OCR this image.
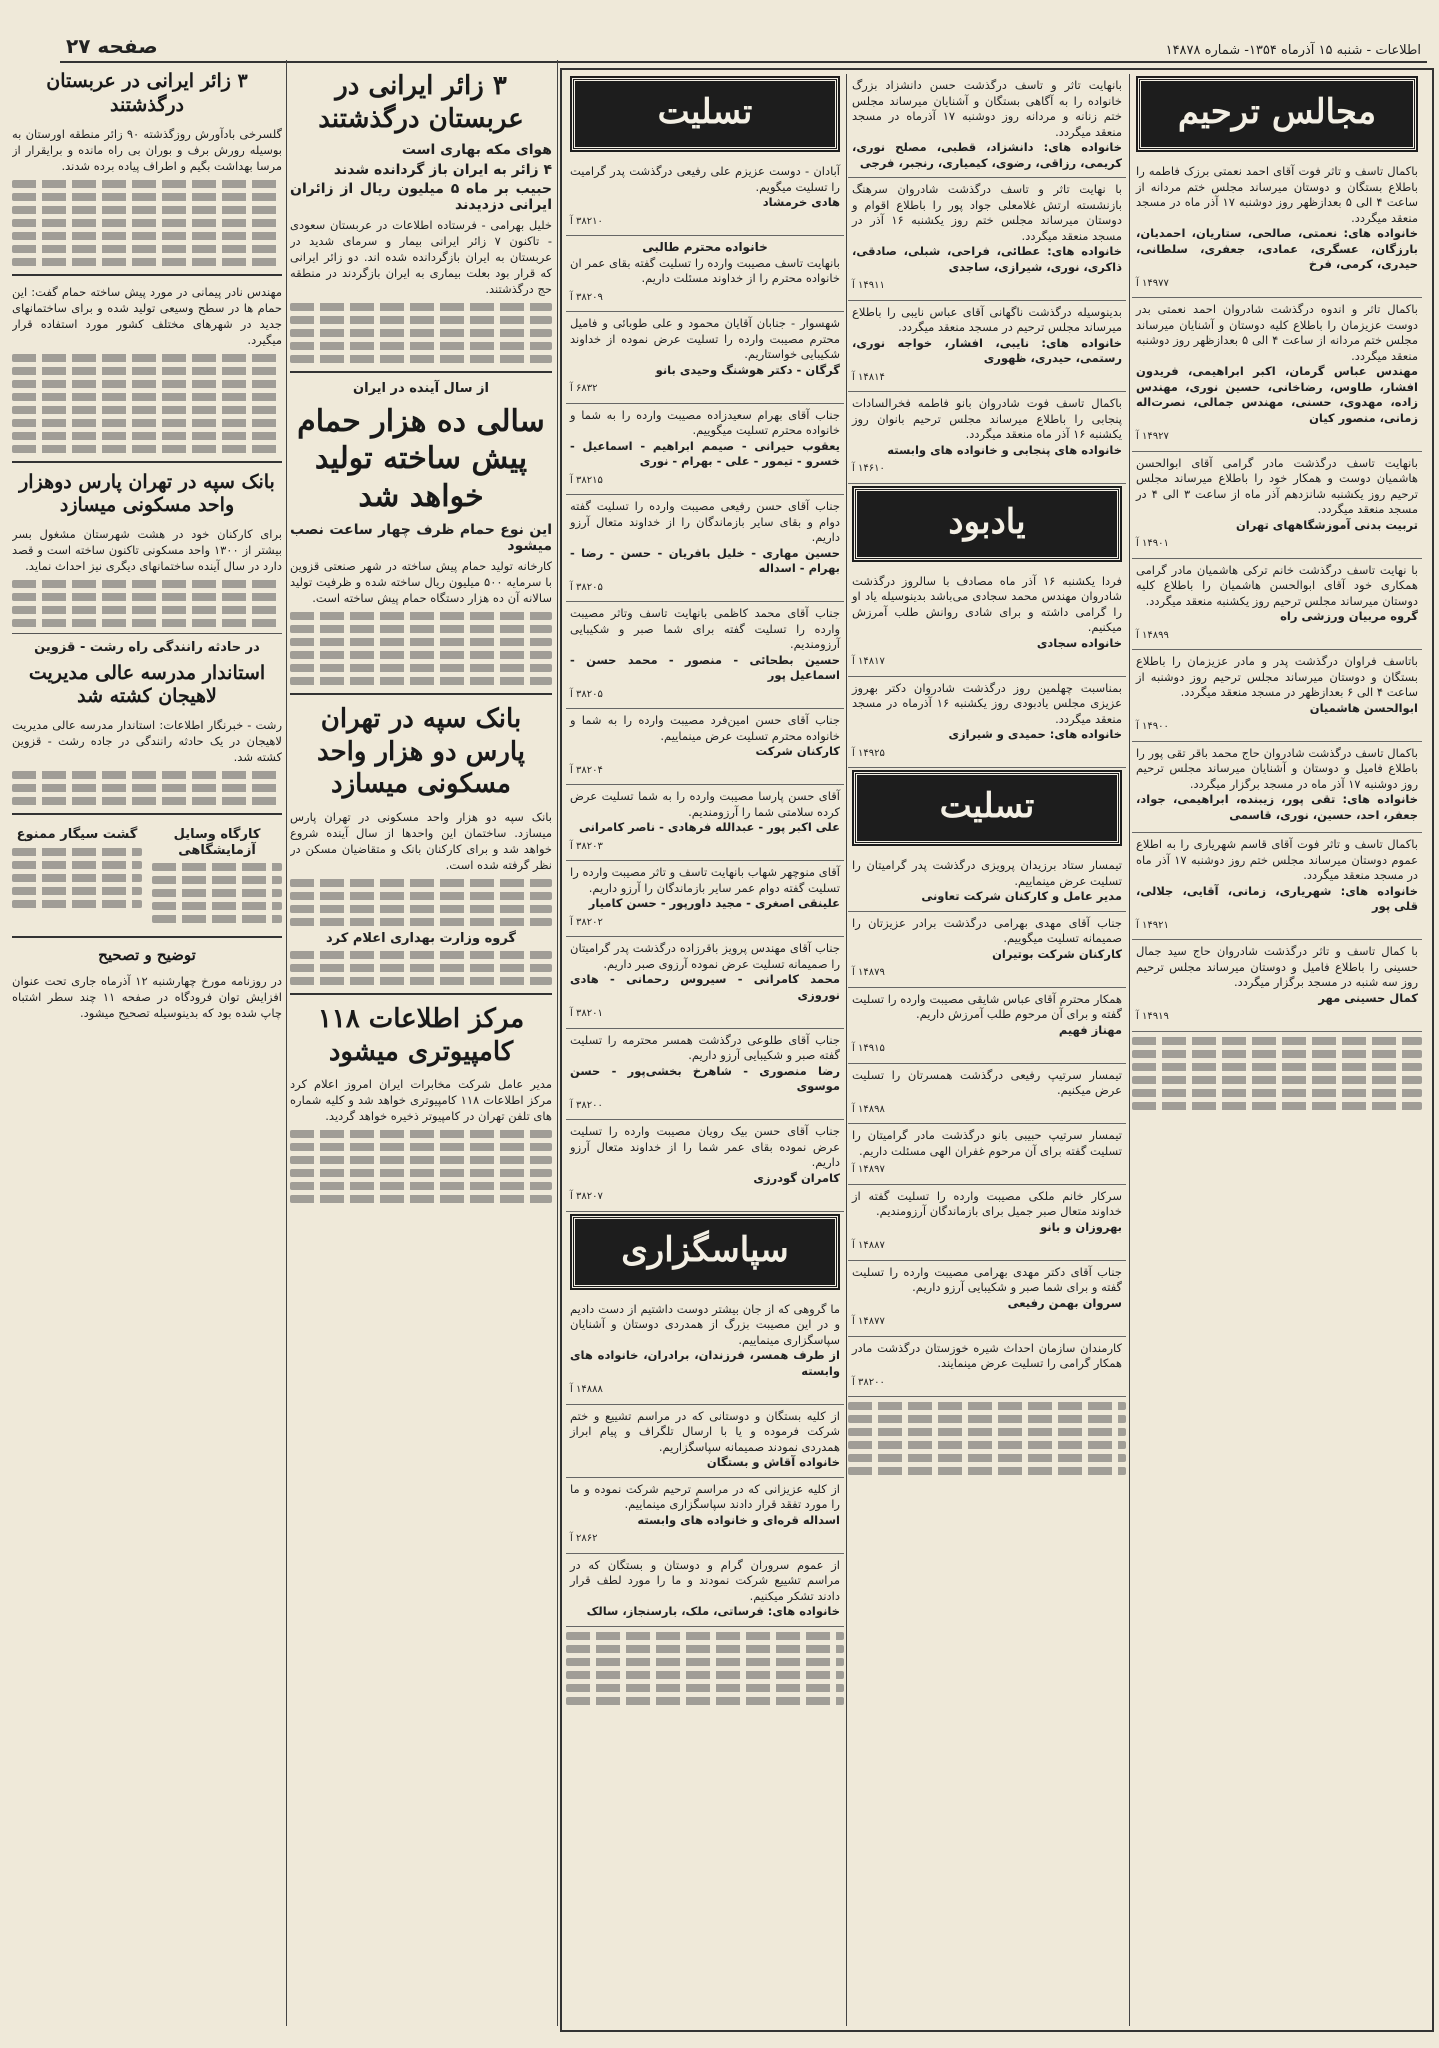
اطلاعات - شنبه ۱۵ آذرماه ۱۳۵۴- شماره ۱۴۸۷۸
صفحه ۲۷
مجالس ترحیم

باکمال تاسف و تاثر فوت آقای احمد نعمتی برزک فاطمه را باطلاع بستگان و دوستان میرساند مجلس ختم مردانه از ساعت ۴ الی ۵ بعدازظهر روز دوشنبه ۱۷ آذر ماه در مسجد منعقد میگردد.

خانواده های: نعمتی، صالحی، ستاریان، احمدیان، بارزگان، عسگری، عمادی، جعفری، سلطانی، حیدری، کرمی، فرخ

۱۴۹۷۷ آ

باکمال تاثر و اندوه درگذشت شادروان احمد نعمتی بدر دوست عزیزمان را باطلاع کلیه دوستان و آشنایان میرساند مجلس ختم مردانه از ساعت ۴ الی ۵ بعدازظهر روز دوشنبه منعقد میگردد.

مهندس عباس گرمان، اکبر ابراهیمی، فریدون افشار، طاوس، رضاخانی، حسین نوری، مهندس زاده، مهدوی، حسنی، مهندس جمالی، نصرت‌اله زمانی، منصور کیان

۱۴۹۲۷ آ

بانهایت تاسف درگذشت مادر گرامی آقای ابوالحسن هاشمیان دوست و همکار خود را باطلاع میرساند مجلس ترحیم روز یکشنبه شانزدهم آذر ماه از ساعت ۳ الی ۴ در مسجد منعقد میگردد.

تربیت بدنی آموزشگاههای تهران

۱۴۹۰۱ آ

با نهایت تاسف درگذشت خانم ترکی هاشمیان مادر گرامی همکاری خود آقای ابوالحسن هاشمیان را باطلاع کلیه دوستان میرساند مجلس ترحیم روز یکشنبه منعقد میگردد.

گروه مربیان ورزشی راه

۱۴۸۹۹ آ

باتاسف فراوان درگذشت پدر و مادر عزیزمان را باطلاع بستگان و دوستان میرساند مجلس ترحیم روز دوشنبه از ساعت ۴ الی ۶ بعدازظهر در مسجد منعقد میگردد.

ابوالحسن هاشمیان

۱۴۹۰۰ آ

باکمال تاسف درگذشت شادروان حاج محمد باقر تقی پور را باطلاع فامیل و دوستان و آشنایان میرساند مجلس ترحیم روز دوشنبه ۱۷ آذر ماه در مسجد برگزار میگردد.

خانواده های: تقی پور، زیبنده، ابراهیمی، جواد، جعفر، احد، حسین، نوری، قاسمی

باکمال تاسف و تاثر فوت آقای قاسم شهریاری را به اطلاع عموم دوستان میرساند مجلس ختم روز دوشنبه ۱۷ آذر ماه در مسجد منعقد میگردد.

خانواده های: شهریاری، زمانی، آقایی، جلالی، قلی پور

۱۴۹۲۱ آ

با کمال تاسف و تاثر درگذشت شادروان حاج سید جمال حسینی را باطلاع فامیل و دوستان میرساند مجلس ترحیم روز سه شنبه در مسجد برگزار میگردد.

کمال حسینی مهر

۱۴۹۱۹ آ

بانهایت تاثر و تاسف درگذشت حسن دانشزاد بزرگ خانواده را به آگاهی بستگان و آشنایان میرساند مجلس ختم زنانه و مردانه روز دوشنبه ۱۷ آذرماه در مسجد منعقد میگردد.

خانواده های: دانشزاد، قطبی، مصلح نوری، کریمی، رزاقی، رضوی، کیمیاری، رنجبر، فرجی

با نهایت تاثر و تاسف درگذشت شادروان سرهنگ بازنشسته ارتش غلامعلی جواد پور را باطلاع اقوام و دوستان میرساند مجلس ختم روز یکشنبه ۱۶ آذر در مسجد منعقد میگردد.

خانواده های: عطائی، فراحی، شبلی، صادقی، ذاکری، نوری، شیرازی، ساجدی

۱۴۹۱۱ آ

بدینوسیله درگذشت ناگهانی آقای عباس نایبی را باطلاع میرساند مجلس ترحیم در مسجد منعقد میگردد.

خانواده های: نایبی، افشار، خواجه نوری، رستمی، حیدری، ظهوری

۱۴۸۱۴ آ

باکمال تاسف فوت شادروان بانو فاطمه فخرالسادات پنجابی را باطلاع میرساند مجلس ترحیم بانوان روز یکشنبه ۱۶ آذر ماه منعقد میگردد.

خانواده های پنجابی و خانواده های وابسته

۱۴۶۱۰ آ
یادبود

فردا یکشنبه ۱۶ آذر ماه مصادف با سالروز درگذشت شادروان مهندس محمد سجادی می‌باشد بدینوسیله یاد او را گرامی داشته و برای شادی روانش طلب آمرزش میکنیم.

خانواده سجادی

۱۴۸۱۷ آ

بمناسبت چهلمین روز درگذشت شادروان دکتر بهروز عزیزی مجلس یادبودی روز یکشنبه ۱۶ آذرماه در مسجد منعقد میگردد.

خانواده های: حمیدی و شیرازی

۱۴۹۲۵ آ
تسلیت

تیمسار ستاد برزیدان پرویزی درگذشت پدر گرامیتان را تسلیت عرض مینماییم.

مدیر عامل و کارکنان شرکت تعاونی

جناب آقای مهدی بهرامی درگذشت برادر عزیزتان را صمیمانه تسلیت میگوییم.

کارکنان شرکت بوتیران

۱۴۸۷۹ آ

همکار محترم آقای عباس شایقی مصیبت وارده را تسلیت گفته و برای آن مرحوم طلب آمرزش داریم.

مهناز فهیم

۱۴۹۱۵ آ

تیمسار سرتیپ رفیعی درگذشت همسرتان را تسلیت عرض میکنیم.

۱۴۸۹۸ آ

تیمسار سرتیپ حبیبی بانو درگذشت مادر گرامیتان را تسلیت گفته برای آن مرحوم غفران الهی مسئلت داریم.

۱۴۸۹۷ آ

سرکار خانم ملکی مصیبت وارده را تسلیت گفته از خداوند متعال صبر جمیل برای بازماندگان آرزومندیم.

بهروزان و بانو

۱۴۸۸۷ آ

جناب آقای دکتر مهدی بهرامی مصیبت وارده را تسلیت گفته و برای شما صبر و شکیبایی آرزو داریم.

سروان بهمن رفیعی

۱۴۸۷۷ آ

کارمندان سازمان احداث شیره خوزستان درگذشت مادر همکار گرامی را تسلیت عرض مینمایند.

۳۸۲۰۰ آ
تسلیت

آبادان - دوست عزیزم علی رفیعی درگذشت پدر گرامیت را تسلیت میگویم.

هادی خرمشاد

۳۸۲۱۰ آ

خانواده محترم طالبی

بانهایت تاسف مصیبت وارده را تسلیت گفته بقای عمر ان خانواده محترم را از خداوند مسئلت داریم.

۳۸۲۰۹ آ

شهسوار - جنابان آقایان محمود و علی طوبائی و فامیل محترم مصیبت وارده را تسلیت عرض نموده از خداوند شکیبایی خواستاریم.

گرگان - دکتر هوشنگ وحیدی بانو

۶۸۳۲ آ

جناب آقای بهرام سعیدزاده مصیبت وارده را به شما و خانواده محترم تسلیت میگوییم.

یعقوب حیرانی - صیمم ابراهیم - اسماعیل - خسرو - تیمور - علی - بهرام - نوری

۳۸۲۱۵ آ

جناب آقای حسن رفیعی مصیبت وارده را تسلیت گفته دوام و بقای سایر بازماندگان را از خداوند متعال آرزو داریم.

حسین مهاری - خلیل بافریان - حسن - رضا - بهرام - اسداله

۳۸۲۰۵ آ

جناب آقای محمد کاظمی بانهایت تاسف وتاثر مصیبت وارده را تسلیت گفته برای شما صبر و شکیبایی آرزومندیم.

حسین بطحائی - منصور - محمد حسن - اسماعیل پور

۳۸۲۰۵ آ

جناب آقای حسن امین‌فرد مصیبت وارده را به شما و خانواده محترم تسلیت عرض مینماییم.

کارکنان شرکت

۳۸۲۰۴ آ

آقای حسن پارسا مصیبت وارده را به شما تسلیت عرض کرده سلامتی شما را آرزومندیم.

علی اکبر پور - عبدالله فرهادی - ناصر کامرانی

۳۸۲۰۳ آ

آقای منوچهر شهاب بانهایت تاسف و تاثر مصیبت وارده را تسلیت گفته دوام عمر سایر بازماندگان را آرزو داریم.

علینقی اصغری - مجید داورپور - حسن کامیار

۳۸۲۰۲ آ

جناب آقای مهندس پرویز باقرزاده درگذشت پدر گرامیتان را صمیمانه تسلیت عرض نموده آرزوی صبر داریم.

محمد کامرانی - سیروس رحمانی - هادی نوروزی

۳۸۲۰۱ آ

جناب آقای طلوعی درگذشت همسر محترمه را تسلیت گفته صبر و شکیبایی آرزو داریم.

رضا منصوری - شاهرخ بخشی‌پور - حسن موسوی

۳۸۲۰۰ آ

جناب آقای حسن بیک رویان مصیبت وارده را تسلیت عرض نموده بقای عمر شما را از خداوند متعال آرزو داریم.

کامران گودرزی

۳۸۲۰۷ آ
سپاسگزاری

ما گروهی که از جان بیشتر دوست داشتیم از دست دادیم و در این مصیبت بزرگ از همدردی دوستان و آشنایان سپاسگزاری مینماییم.

از طرف همسر، فرزندان، برادران، خانواده های وابسته

۱۴۸۸۸ آ

از کلیه بستگان و دوستانی که در مراسم تشییع و ختم شرکت فرموده و یا با ارسال تلگراف و پیام ابراز همدردی نمودند صمیمانه سپاسگزاریم.

خانواده آقاش و بستگان

از کلیه عزیزانی که در مراسم ترحیم شرکت نموده و ما را مورد تفقد قرار دادند سپاسگزاری مینماییم.

اسداله قره‌ای و خانواده های وابسته

۲۸۶۲ آ

از عموم سروران گرام و دوستان و بستگان که در مراسم تشییع شرکت نمودند و ما را مورد لطف قرار دادند تشکر میکنیم.

خانواده های: فرساتی، ملک، بارسنجاز، سالک

۳ زائر ایرانی در عربستان درگذشتند
هوای مکه بهاری است
۴ زائر به ایران باز گردانده شدند
حبیب بر ماه ۵ میلیون ریال از زائران ایرانی دزدیدند

خلیل بهرامی - فرستاده اطلاعات در عربستان سعودی - تاکنون ۷ زائر ایرانی بیمار و سرمای شدید در عربستان به ایران بازگردانده شده اند. دو زائر ایرانی که قرار بود بعلت بیماری به ایران بازگردند در منطقه حج درگذشتند.

از سال آینده در ایران
سالی ده هزار حمام پیش ساخته تولید خواهد شد
این نوع حمام ظرف چهار ساعت نصب میشود

کارخانه تولید حمام پیش ساخته در شهر صنعتی قزوین با سرمایه ۵۰۰ میلیون ریال ساخته شده و ظرفیت تولید سالانه آن ده هزار دستگاه حمام پیش ساخته است.

بانک سپه در تهران پارس دو هزار واحد مسکونی میسازد

بانک سپه دو هزار واحد مسکونی در تهران پارس میسازد. ساختمان این واحدها از سال آینده شروع خواهد شد و برای کارکنان بانک و متقاضیان مسکن در نظر گرفته شده است.

گروه وزارت بهداری اعلام کرد
مرکز اطلاعات ۱۱۸ کامپیوتری میشود

مدیر عامل شرکت مخابرات ایران امروز اعلام کرد مرکز اطلاعات ۱۱۸ کامپیوتری خواهد شد و کلیه شماره های تلفن تهران در کامپیوتر ذخیره خواهد گردید.

۳ زائر ایرانی در عربستان درگذشتند

گلسرخی بادآورش روزگذشته ۹۰ زائر منطقه اورستان به بوسیله رورش برف و بوران بی راه مانده و برایقرار از مرسا بهداشت بگیم و اطراف پیاده برده شدند.

مهندس نادر پیمانی در مورد پیش ساخته حمام گفت: این حمام ها در سطح وسیعی تولید شده و برای ساختمانهای جدید در شهرهای مختلف کشور مورد استفاده قرار میگیرد.

بانک سپه در تهران پارس دوهزار واحد مسکونی میسازد

برای کارکنان خود در هشت شهرستان مشغول بسر بیشتر از ۱۳۰۰ واحد مسکونی تاکنون ساخته است و قصد دارد در سال آینده ساختمانهای دیگری نیز احداث نماید.

در حادثه رانندگی راه رشت - قزوین
استاندار مدرسه عالی مدیریت لاهیجان کشته شد

رشت - خبرنگار اطلاعات: استاندار مدرسه عالی مدیریت لاهیجان در یک حادثه رانندگی در جاده رشت - قزوین کشته شد.

کارگاه وسایل آزمایشگاهی
گشت سیگار ممنوع
توضیح و تصحیح

در روزنامه مورخ چهارشنبه ۱۲ آذرماه جاری تحت عنوان افزایش توان فرودگاه در صفحه ۱۱ چند سطر اشتباه چاپ شده بود که بدینوسیله تصحیح میشود.
